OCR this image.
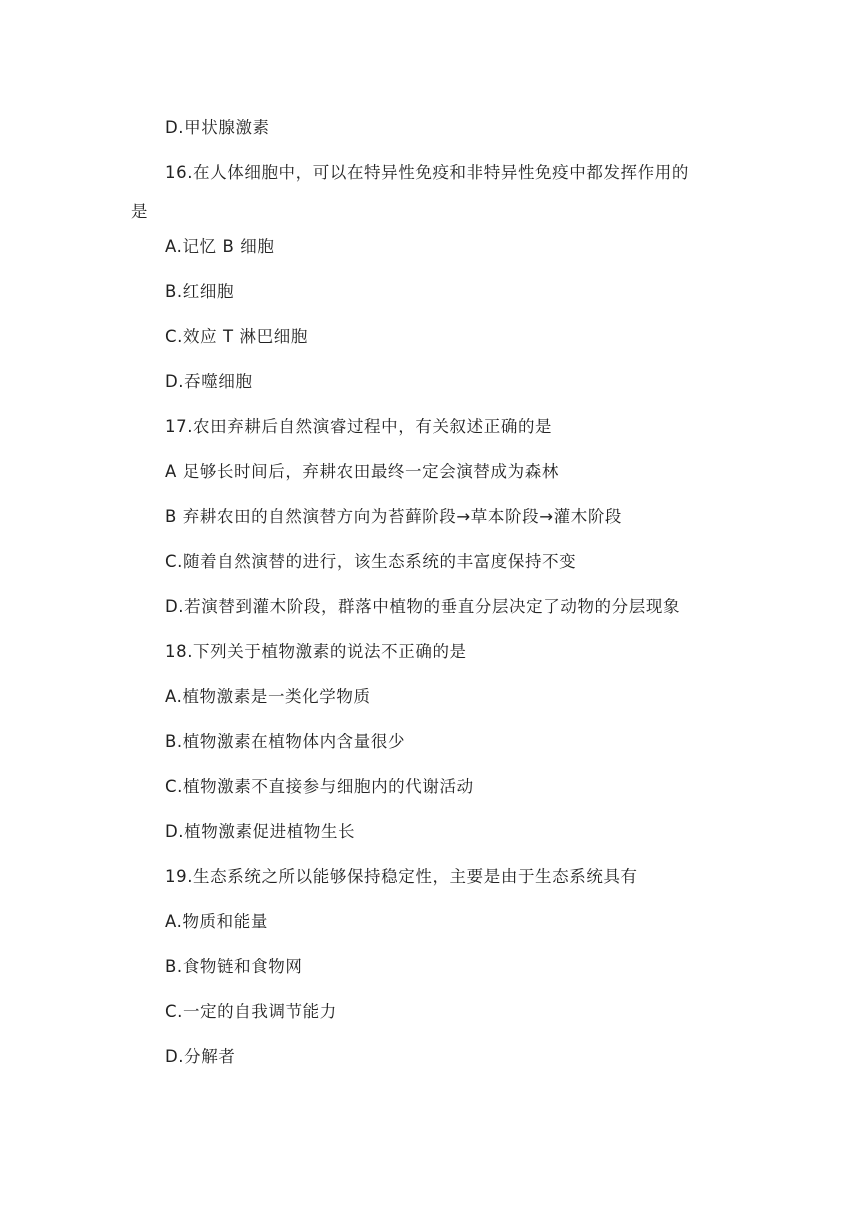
D.甲状腺激素
16.在人体细胞中，可以在特异性免疫和非特异性免疫中都发挥作用的
是
A.记忆 B 细胞
B.红细胞
C.效应 T 淋巴细胞
D.吞噬细胞
17.农田弃耕后自然演睿过程中，有关叙述正确的是
A 足够长时间后，弃耕农田最终一定会演替成为森林
B 弃耕农田的自然演替方向为苔藓阶段→草本阶段→灌木阶段
C.随着自然演替的进行，该生态系统的丰富度保持不变
D.若演替到灌木阶段，群落中植物的垂直分层决定了动物的分层现象
18.下列关于植物激素的说法不正确的是
A.植物激素是一类化学物质
B.植物激素在植物体内含量很少
C.植物激素不直接参与细胞内的代谢活动
D.植物激素促进植物生长
19.生态系统之所以能够保持稳定性，主要是由于生态系统具有
A.物质和能量
B.食物链和食物网
C.一定的自我调节能力
D.分解者
